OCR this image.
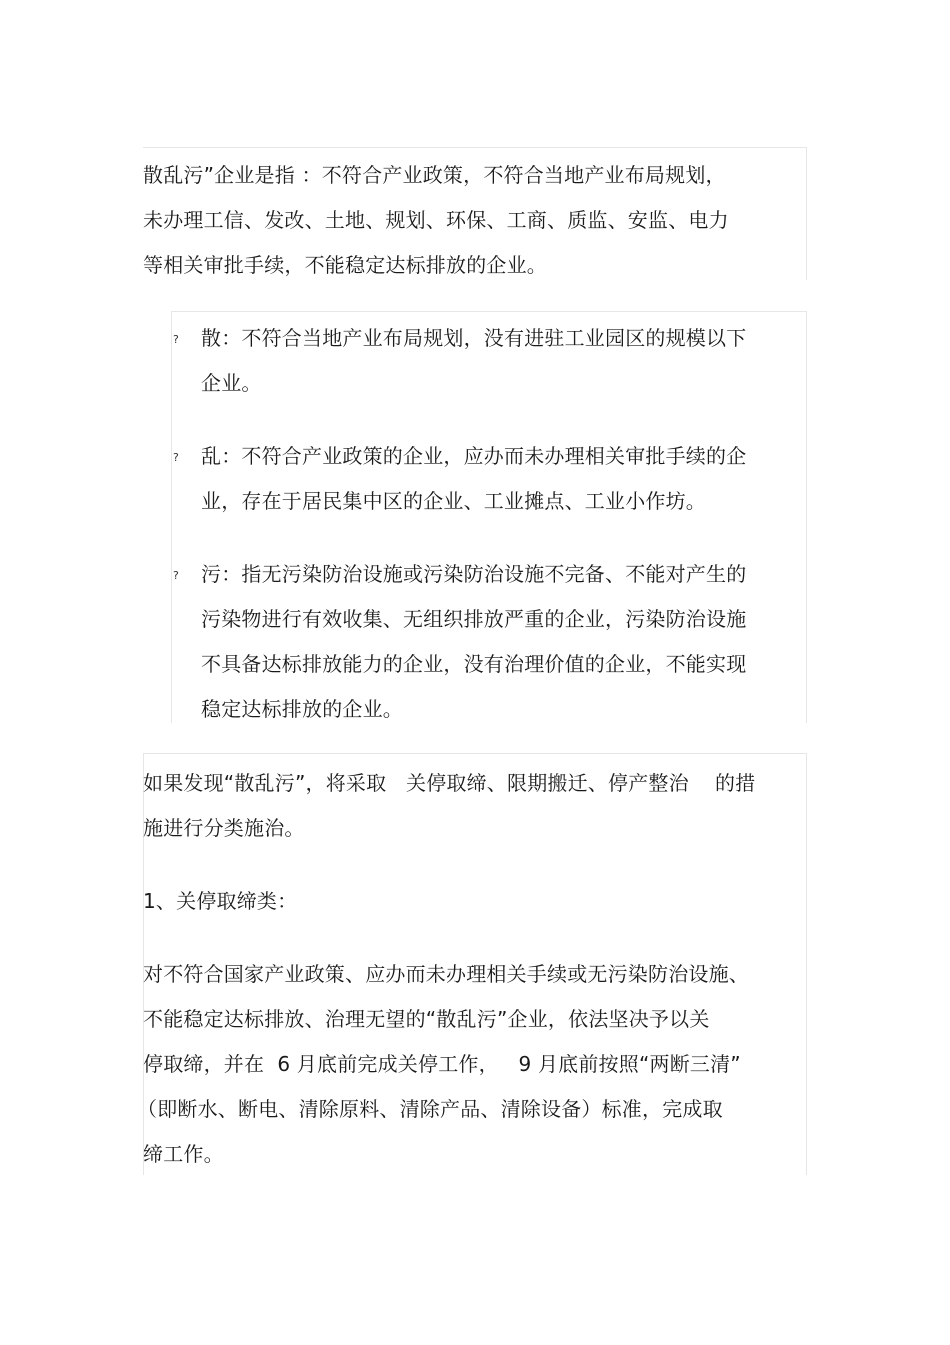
散乱污”企业是指 ：不符合产业政策，不符合当地产业布局规划，
未办理工信、发改、土地、规划、环保、工商、质监、安监、电力
等相关审批手续，不能稳定达标排放的企业。
? 散：不符合当地产业布局规划，没有进驻工业园区的规模以下
企业。
? 乱：不符合产业政策的企业，应办而未办理相关审批手续的企
业，存在于居民集中区的企业、工业摊点、工业小作坊。
? 污：指无污染防治设施或污染防治设施不完备、不能对产生的
污染物进行有效收集、无组织排放严重的企业，污染防治设施
不具备达标排放能力的企业，没有治理价值的企业，不能实现
稳定达标排放的企业。
如果发现“散乱污”，将采取   关停取缔、限期搬迁、停产整治    的措
施进行分类施治。
1、关停取缔类：
对不符合国家产业政策、应办而未办理相关手续或无污染防治设施、
不能稳定达标排放、治理无望的“散乱污”企业，依法坚决予以关
停取缔，并在  6 月底前完成关停工作，   9 月底前按照“两断三清”
（即断水、断电、清除原料、清除产品、清除设备）标准，完成取
缔工作。
